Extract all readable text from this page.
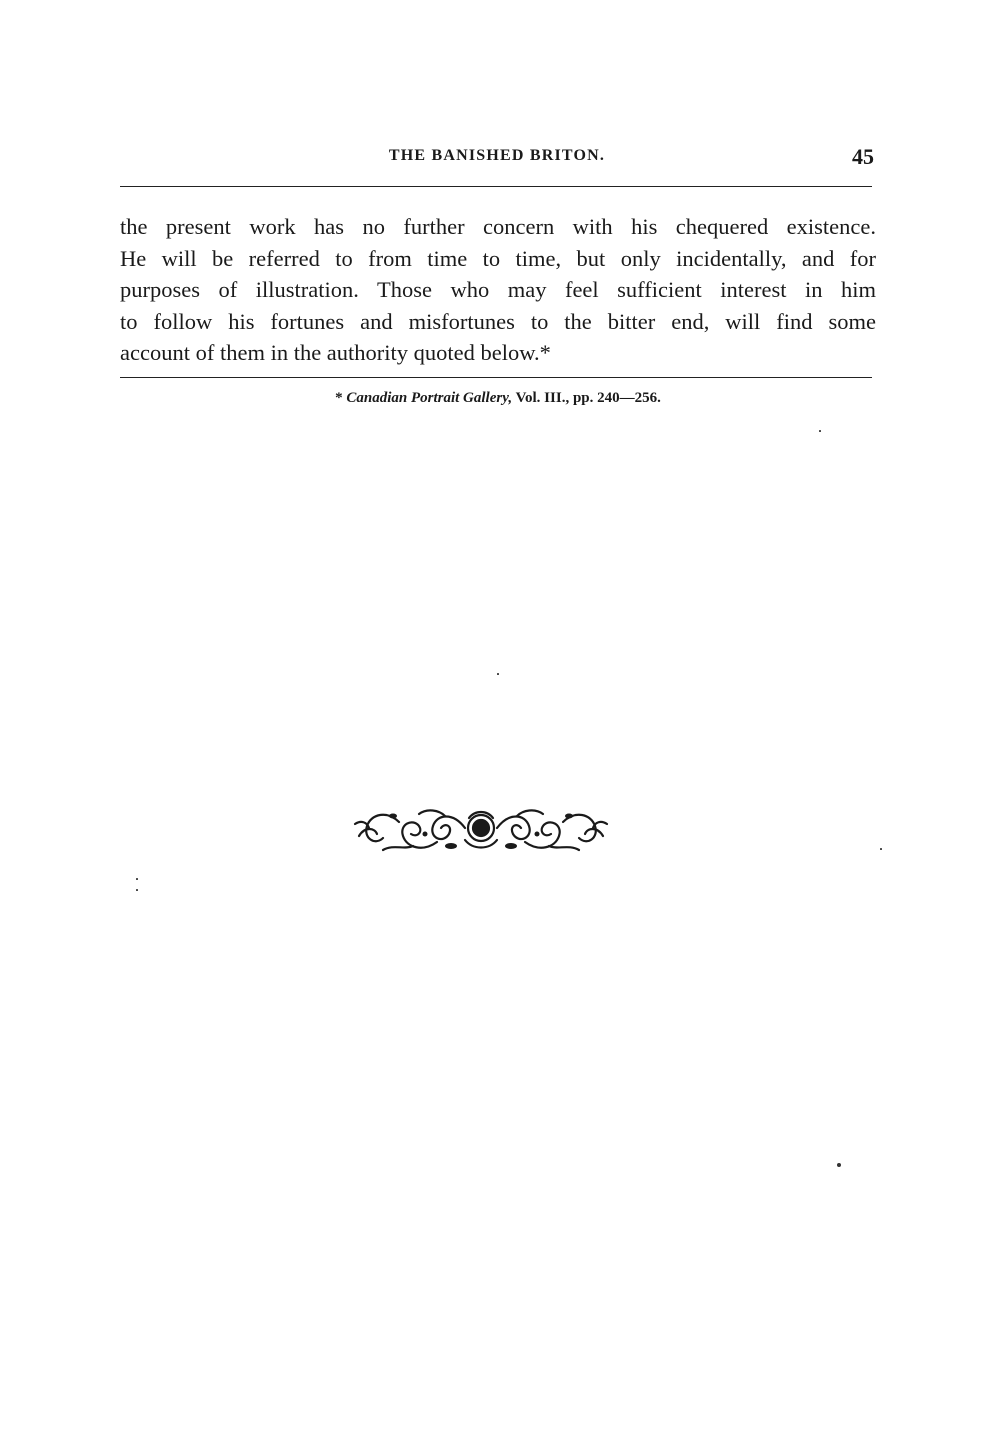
THE BANISHED BRITON.	45
the present work has no further concern with his chequered existence.
He will be referred to from time to time, but only incidentally, and for
purposes of illustration. Those who may feel sufficient interest in him
to follow his fortunes and misfortunes to the bitter end, will find some
account of them in the authority quoted below.*
* Canadian Portrait Gallery, Vol. III., pp. 240—256.
